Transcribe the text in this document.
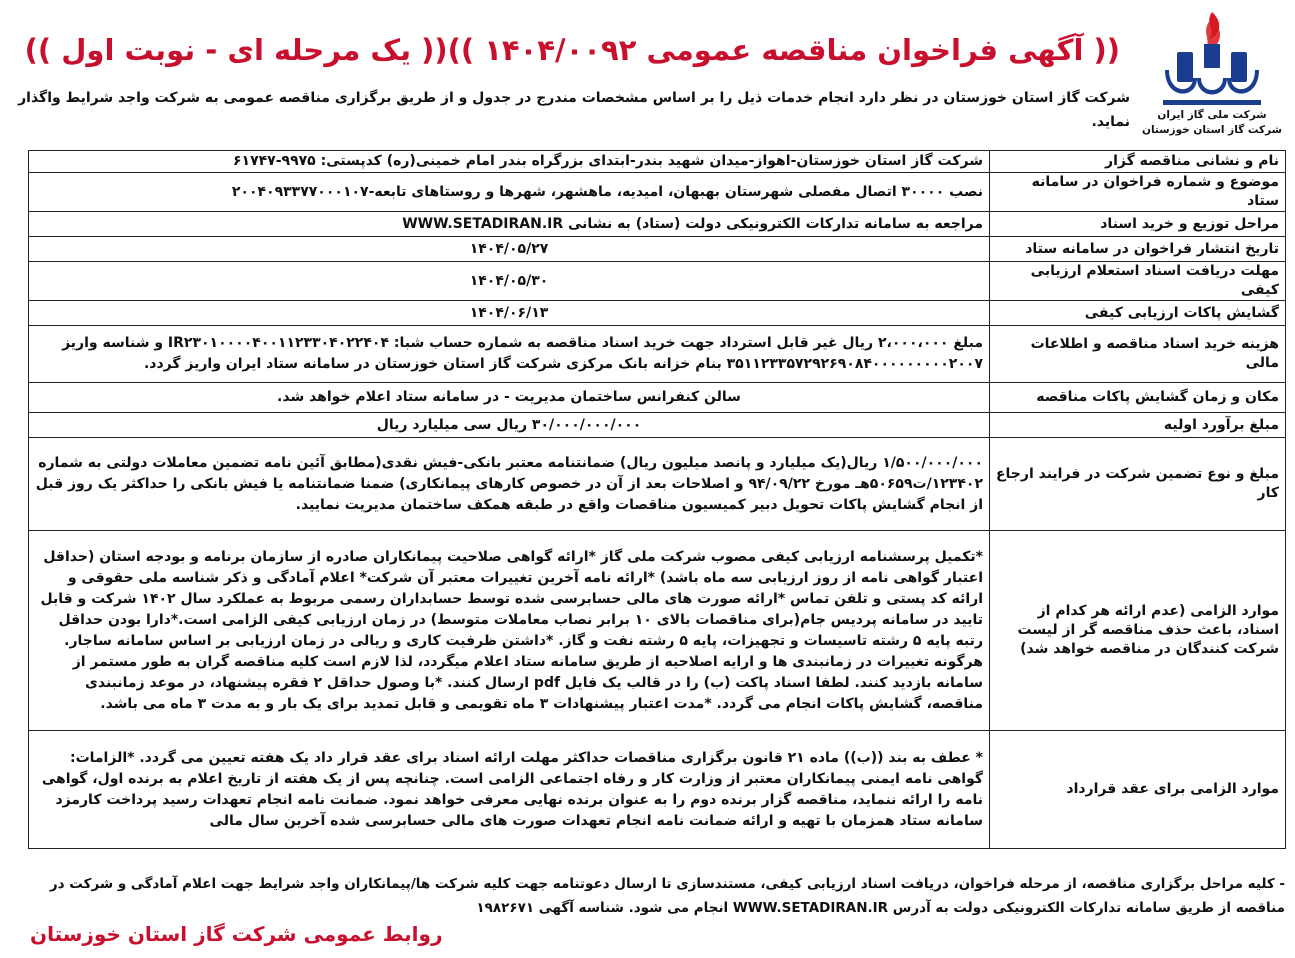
شرکت ملی گاز ایران
شرکت گاز استان خوزستان
(( آگهی فراخوان مناقصه عمومی ۱۴۰۴/۰۰۹۲ ))(( یک مرحله ای - نوبت اول ))
شرکت گاز استان خوزستان در نظر دارد انجام خدمات ذیل را بر اساس مشخصات مندرج در جدول و از طریق برگزاری مناقصه عمومی به شرکت واجد شرایط واگذار نماید.
نام و نشانی مناقصه گزار	شرکت گاز استان خوزستان-اهواز-میدان شهید بندر-ابتدای بزرگراه بندر امام خمینی(ره) کدپستی: ۹۹۷۵-۶۱۷۴۷
موضوع و شماره فراخوان در سامانه ستاد	نصب ۳۰۰۰۰ اتصال مفصلی شهرستان بهبهان، امیدیه، ماهشهر، شهرها و روستاهای تابعه-۲۰۰۴۰۹۳۳۷۷۰۰۰۱۰۷
مراحل توزیع و خرید اسناد	مراجعه به سامانه تدارکات الکترونیکی دولت (ستاد) به نشانی WWW.SETADIRAN.IR
تاریخ انتشار فراخوان در سامانه ستاد	۱۴۰۴/۰۵/۲۷
مهلت دریافت اسناد استعلام ارزیابی کیفی	۱۴۰۴/۰۵/۳۰
گشایش پاکات ارزیابی کیفی	۱۴۰۴/۰۶/۱۳
هزینه خرید اسناد مناقصه و اطلاعات مالی	مبلغ ۲،۰۰۰،۰۰۰ ریال غیر قابل استرداد جهت خرید اسناد مناقصه به شماره حساب شبا: IR۲۳۰۱۰۰۰۰۴۰۰۱۱۲۳۳۰۴۰۲۲۴۰۴ و شناسه واریز ۳۵۱۱۲۳۳۵۷۲۹۲۶۹۰۸۴۰۰۰۰۰۰۰۰۰۲۰۰۷ بنام خزانه بانک مرکزی شرکت گاز استان خوزستان در سامانه ستاد ایران واریز گردد.
مکان و زمان گشایش پاکات مناقصه	سالن کنفرانس ساختمان مدیریت - در سامانه ستاد اعلام خواهد شد.
مبلغ برآورد اولیه	۳۰/۰۰۰/۰۰۰/۰۰۰ ریال سی میلیارد ریال
مبلغ و نوع تضمین شرکت در فرایند ارجاع کار	۱/۵۰۰/۰۰۰/۰۰۰ ریال(یک میلیارد و پانصد میلیون ریال) ضمانتنامه معتبر بانکی-فیش نقدی(مطابق آئین نامه تضمین معاملات دولتی به شماره ۱۲۳۴۰۲/ت۵۰۶۵۹هـ مورخ ۹۴/۰۹/۲۲ و اصلاحات بعد از آن در خصوص کارهای پیمانکاری) ضمنا ضمانتنامه یا فیش بانکی را حداکثر یک روز قبل از انجام گشایش پاکات تحویل دبیر کمیسیون مناقصات واقع در طبقه همکف ساختمان مدیریت نمایید.
موارد الزامی (عدم ارائه هر کدام از اسناد، باعث حذف مناقصه گر از لیست شرکت کنندگان در مناقصه خواهد شد)	*تکمیل پرسشنامه ارزیابی کیفی مصوب شرکت ملی گاز *ارائه گواهی صلاحیت پیمانکاران صادره از سازمان برنامه و بودجه استان (حداقل اعتبار گواهی نامه از روز ارزیابی سه ماه باشد) *ارائه نامه آخرین تغییرات معتبر آن شرکت* اعلام آمادگی و ذکر شناسه ملی حقوقی و ارائه کد پستی و تلفن تماس *ارائه صورت های مالی حسابرسی شده توسط حسابداران رسمی مربوط به عملکرد سال ۱۴۰۲ شرکت و قابل تایید در سامانه پردیس جام(برای مناقصات بالای ۱۰ برابر نصاب معاملات متوسط) در زمان ارزیابی کیفی الزامی است.*دارا بودن حداقل رتبه پایه ۵ رشته تاسیسات و تجهیزات، پایه ۵ رشته نفت و گاز. *داشتن ظرفیت کاری و ریالی در زمان ارزیابی بر اساس سامانه ساجار. هرگونه تغییرات در زمانبندی ها و ارایه اصلاحیه از طریق سامانه ستاد اعلام میگردد، لذا لازم است کلیه مناقصه گران به طور مستمر از سامانه بازدید کنند. لطفا اسناد پاکت (ب) را در قالب یک فایل pdf ارسال کنند. *با وصول حداقل ۲ فقره پیشنهاد، در موعد زمانبندی مناقصه، گشایش پاکات انجام می گردد. *مدت اعتبار پیشنهادات ۳ ماه تقویمی و قابل تمدید برای یک بار و به مدت ۳ ماه می باشد.
موارد الزامی برای عقد قرارداد	* عطف به بند ((ب)) ماده ۲۱ قانون برگزاری مناقصات حداکثر مهلت ارائه اسناد برای عقد قرار داد یک هفته تعیین می گردد. *الزامات: گواهی نامه ایمنی پیمانکاران معتبر از وزارت کار و رفاه اجتماعی الزامی است. چنانچه پس از یک هفته از تاریخ اعلام به برنده اول، گواهی نامه را ارائه ننماید، مناقصه گزار برنده دوم را به عنوان برنده نهایی معرفی خواهد نمود. ضمانت نامه انجام تعهدات رسید پرداخت کارمزد سامانه ستاد همزمان با تهیه و ارائه ضمانت نامه انجام تعهدات صورت های مالی حسابرسی شده آخرین سال مالی
- کلیه مراحل برگزاری مناقصه، از مرحله فراخوان، دریافت اسناد ارزیابی کیفی، مستندسازی تا ارسال دعوتنامه جهت کلیه شرکت ها/پیمانکاران واجد شرایط جهت اعلام آمادگی و شرکت در مناقصه از طریق سامانه تدارکات الکترونیکی دولت به آدرس WWW.SETADIRAN.IR انجام می شود. شناسه آگهی ۱۹۸۲۶۷۱
روابط عمومی شرکت گاز استان خوزستان
